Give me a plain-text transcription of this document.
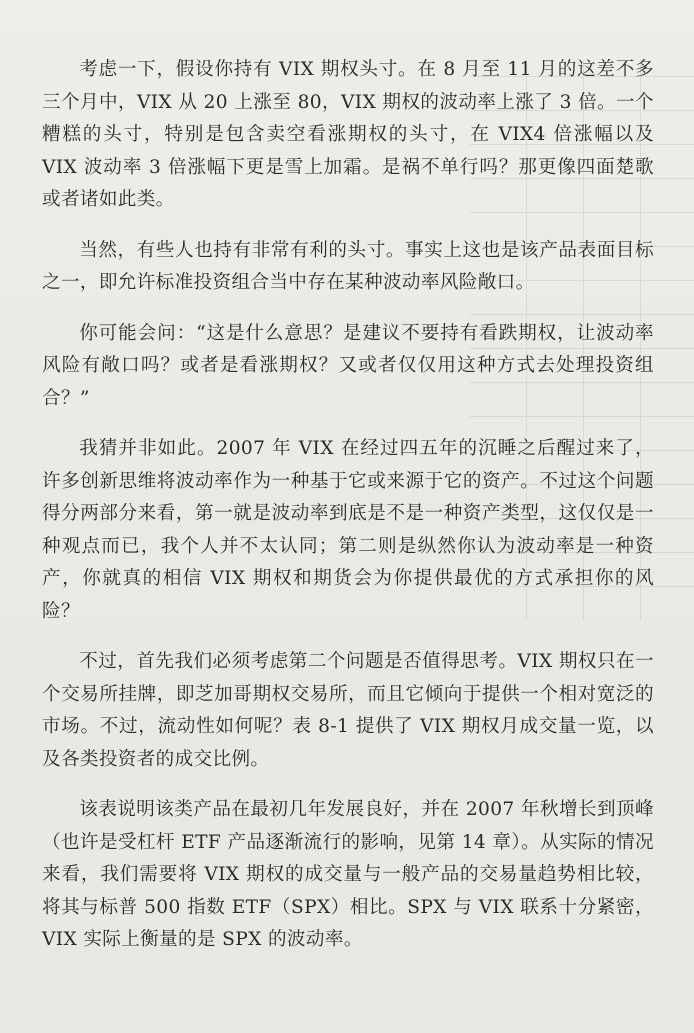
考虑一下，假设你持有 VIX 期权头寸。在 8 月至 11 月的这差不多三个月中，VIX 从 20 上涨至 80，VIX 期权的波动率上涨了 3 倍。一个糟糕的头寸，特别是包含卖空看涨期权的头寸，在 VIX4 倍涨幅以及 VIX 波动率 3 倍涨幅下更是雪上加霜。是祸不单行吗？那更像四面楚歌或者诸如此类。

当然，有些人也持有非常有利的头寸。事实上这也是该产品表面目标之一，即允许标准投资组合当中存在某种波动率风险敞口。

你可能会问：“这是什么意思？是建议不要持有看跌期权，让波动率风险有敞口吗？或者是看涨期权？又或者仅仅用这种方式去处理投资组合？”

我猜并非如此。2007 年 VIX 在经过四五年的沉睡之后醒过来了，许多创新思维将波动率作为一种基于它或来源于它的资产。不过这个问题得分两部分来看，第一就是波动率到底是不是一种资产类型，这仅仅是一种观点而已，我个人并不太认同；第二则是纵然你认为波动率是一种资产，你就真的相信 VIX 期权和期货会为你提供最优的方式承担你的风险？

不过，首先我们必须考虑第二个问题是否值得思考。VIX 期权只在一个交易所挂牌，即芝加哥期权交易所，而且它倾向于提供一个相对宽泛的市场。不过，流动性如何呢？表 8-1 提供了 VIX 期权月成交量一览，以及各类投资者的成交比例。

该表说明该类产品在最初几年发展良好，并在 2007 年秋增长到顶峰（也许是受杠杆 ETF 产品逐渐流行的影响，见第 14 章）。从实际的情况来看，我们需要将 VIX 期权的成交量与一般产品的交易量趋势相比较，将其与标普 500 指数 ETF（SPX）相比。SPX 与 VIX 联系十分紧密，VIX 实际上衡量的是 SPX 的波动率。
